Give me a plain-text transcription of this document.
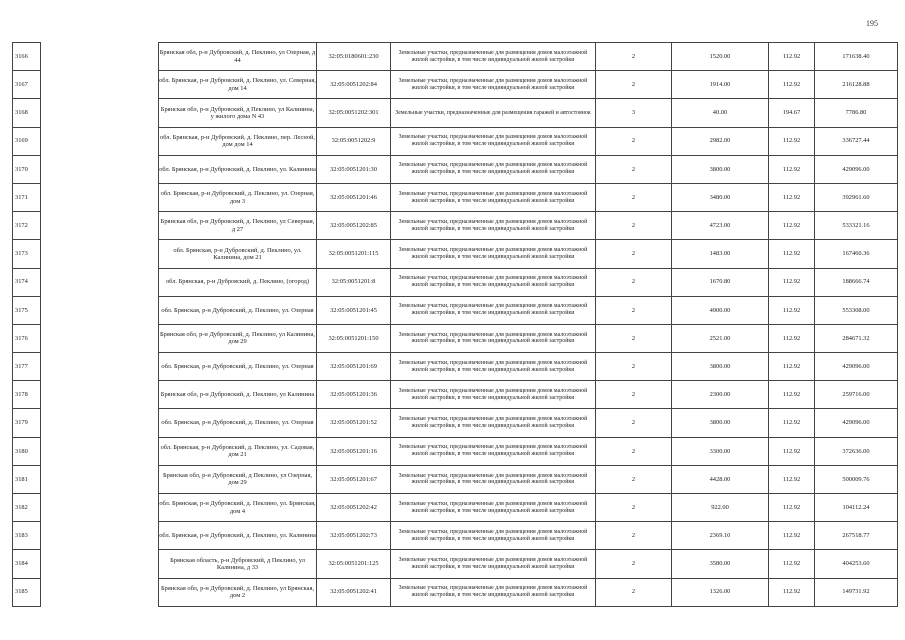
195
3166		Брянская обл, р-н Дубровский, д. Пеклино, ул Озерная, д 44	32:05:0180601:230	Земельные участки, предназначенные для размещения домов малоэтажной жилой застройки, в том числе индивидуальной жилой застройки	2	1520.00	112.92	171638.40
3167		обл. Брянская, р-н Дубровский, д. Пеклино, ул. Северная, дом 14	32:05:0051202:84	Земельные участки, предназначенные для размещения домов малоэтажной жилой застройки, в том числе индивидуальной жилой застройки	2	1914.00	112.92	216128.88
3168		Брянская обл, р-н Дубровский, д Пеклино, ул Калинина, у жилого дома N 43	32:05:0051202:301	Земельные участки, предназначенные для размещения гаражей и автостоянок	3	40.00	194.67	7786.80
3169		обл. Брянская, р-н Дубровский, д. Пеклино, пер. Лесной, дом дом 14	32:05:0051202:9	Земельные участки, предназначенные для размещения домов малоэтажной жилой застройки, в том числе индивидуальной жилой застройки	2	2982.00	112.92	336727.44
3170		обл. Брянская, р-н Дубровский, д. Пеклино, ул. Калинина	32:05:0051201:30	Земельные участки, предназначенные для размещения домов малоэтажной жилой застройки, в том числе индивидуальной жилой застройки	2	3800.00	112.92	429096.00
3171		обл. Брянская, р-н Дубровский, д. Пеклино, ул. Озерная, дом 3	32:05:0051201:46	Земельные участки, предназначенные для размещения домов малоэтажной жилой застройки, в том числе индивидуальной жилой застройки	2	3480.00	112.92	392961.60
3172		Брянская обл, р-н Дубровский, д. Пеклино, ул Северная, д 27	32:05:0051202:85	Земельные участки, предназначенные для размещения домов малоэтажной жилой застройки, в том числе индивидуальной жилой застройки	2	4723.00	112.92	533321.16
3173		обл. Брянская, р-н Дубровский, д. Пеклино, ул. Калинина, дом 21	32:05:0051201:115	Земельные участки, предназначенные для размещения домов малоэтажной жилой застройки, в том числе индивидуальной жилой застройки	2	1483.00	112.92	167460.36
3174		обл. Брянская, р-н Дубровский, д. Пеклино, (огород)	32:05:0051201:8	Земельные участки, предназначенные для размещения домов малоэтажной жилой застройки, в том числе индивидуальной жилой застройки	2	1670.80	112.92	188666.74
3175		обл. Брянская, р-н Дубровский, д. Пеклино, ул. Озерная	32:05:0051201:45	Земельные участки, предназначенные для размещения домов малоэтажной жилой застройки, в том числе индивидуальной жилой застройки	2	4900.00	112.92	553308.00
3176		Брянская обл, р-н Дубровский, д. Пеклино, ул Калинина, дом 29	32:05:0051201:150	Земельные участки, предназначенные для размещения домов малоэтажной жилой застройки, в том числе индивидуальной жилой застройки	2	2521.00	112.92	284671.32
3177		обл. Брянская, р-н Дубровский, д. Пеклино, ул. Озерная	32:05:0051201:69	Земельные участки, предназначенные для размещения домов малоэтажной жилой застройки, в том числе индивидуальной жилой застройки	2	3800.00	112.92	429096.00
3178		Брянская обл, р-н Дубровский, д. Пеклино, ул Калинина	32:05:0051201:36	Земельные участки, предназначенные для размещения домов малоэтажной жилой застройки, в том числе индивидуальной жилой застройки	2	2300.00	112.92	259716.00
3179		обл. Брянская, р-н Дубровский, д. Пеклино, ул. Озерная	32:05:0051201:52	Земельные участки, предназначенные для размещения домов малоэтажной жилой застройки, в том числе индивидуальной жилой застройки	2	3800.00	112.92	429096.00
3180		обл. Брянская, р-н Дубровский, д. Пеклино, ул. Садовая, дом 21	32:05:0051201:16	Земельные участки, предназначенные для размещения домов малоэтажной жилой застройки, в том числе индивидуальной жилой застройки	2	3300.00	112.92	372636.00
3181		Брянская обл, р-н Дубровский, д Пеклино, ул Озерная, дом 29	32:05:0051201:67	Земельные участки, предназначенные для размещения домов малоэтажной жилой застройки, в том числе индивидуальной жилой застройки	2	4428.00	112.92	500009.76
3182		обл. Брянская, р-н Дубровский, д. Пеклино, ул. Брянская, дом 4	32:05:0051202:42	Земельные участки, предназначенные для размещения домов малоэтажной жилой застройки, в том числе индивидуальной жилой застройки	2	922.00	112.92	104112.24
3183		обл. Брянская, р-н Дубровский, д. Пеклино, ул. Калинина	32:05:0051202:73	Земельные участки, предназначенные для размещения домов малоэтажной жилой застройки, в том числе индивидуальной жилой застройки	2	2369.10	112.92	267518.77
3184		Брянская область, р-н Дубровский, д Пеклино, ул Калинина, д 33	32:05:0051201:125	Земельные участки, предназначенные для размещения домов малоэтажной жилой застройки, в том числе индивидуальной жилой застройки	2	3580.00	112.92	404253.60
3185		Брянская обл, р-н Дубровский, д. Пеклино, ул Брянская, дом 2	32:05:0051202:41	Земельные участки, предназначенные для размещения домов малоэтажной жилой застройки, в том числе индивидуальной жилой застройки	2	1326.00	112.92	149731.92
